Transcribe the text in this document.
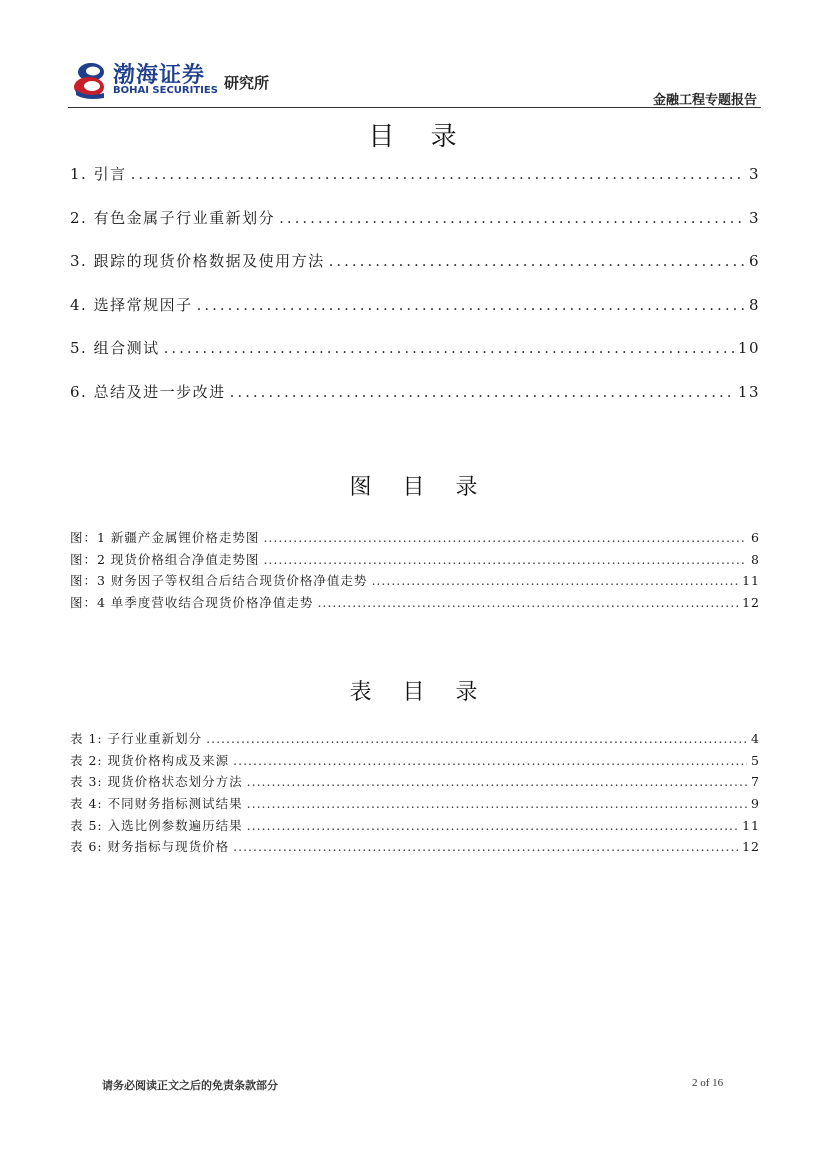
渤海证券
BOHAI SECURITIES 研究所
金融工程专题报告
目 录
1. 引言 .....	3
2. 有色金属子行业重新划分 .....	3
3. 跟踪的现货价格数据及使用方法 .....	6
4. 选择常规因子 .....	8
5. 组合测试 .....	10
6. 总结及进一步改进 .....	13
图 目 录
图：1 新疆产金属锂价格走势图 .....	6
图：2 现货价格组合净值走势图 .....	8
图：3 财务因子等权组合后结合现货价格净值走势 .....	11
图：4 单季度营收结合现货价格净值走势 .....	12
表 目 录
表 1: 子行业重新划分 .....	4
表 2: 现货价格构成及来源 .....	5
表 3: 现货价格状态划分方法 .....	7
表 4: 不同财务指标测试结果 .....	9
表 5: 入选比例参数遍历结果 .....	11
表 6: 财务指标与现货价格 .....	12
请务必阅读正文之后的免责条款部分	2 of 16
